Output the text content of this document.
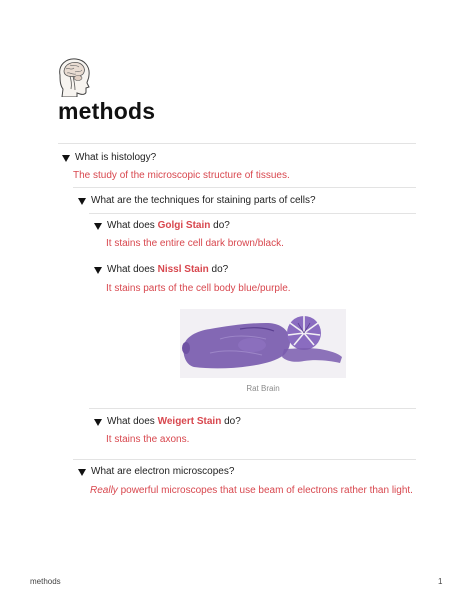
methods
What is histology?
The study of the microscopic structure of tissues.
What are the techniques for staining parts of cells?
What does Golgi Stain do?
It stains the entire cell dark brown/black.
What does Nissl Stain do?
It stains parts of the cell body blue/purple.
Rat Brain
What does Weigert Stain do?
It stains the axons.
What are electron microscopes?
Really powerful microscopes that use beam of electrons rather than light.
methods	1
